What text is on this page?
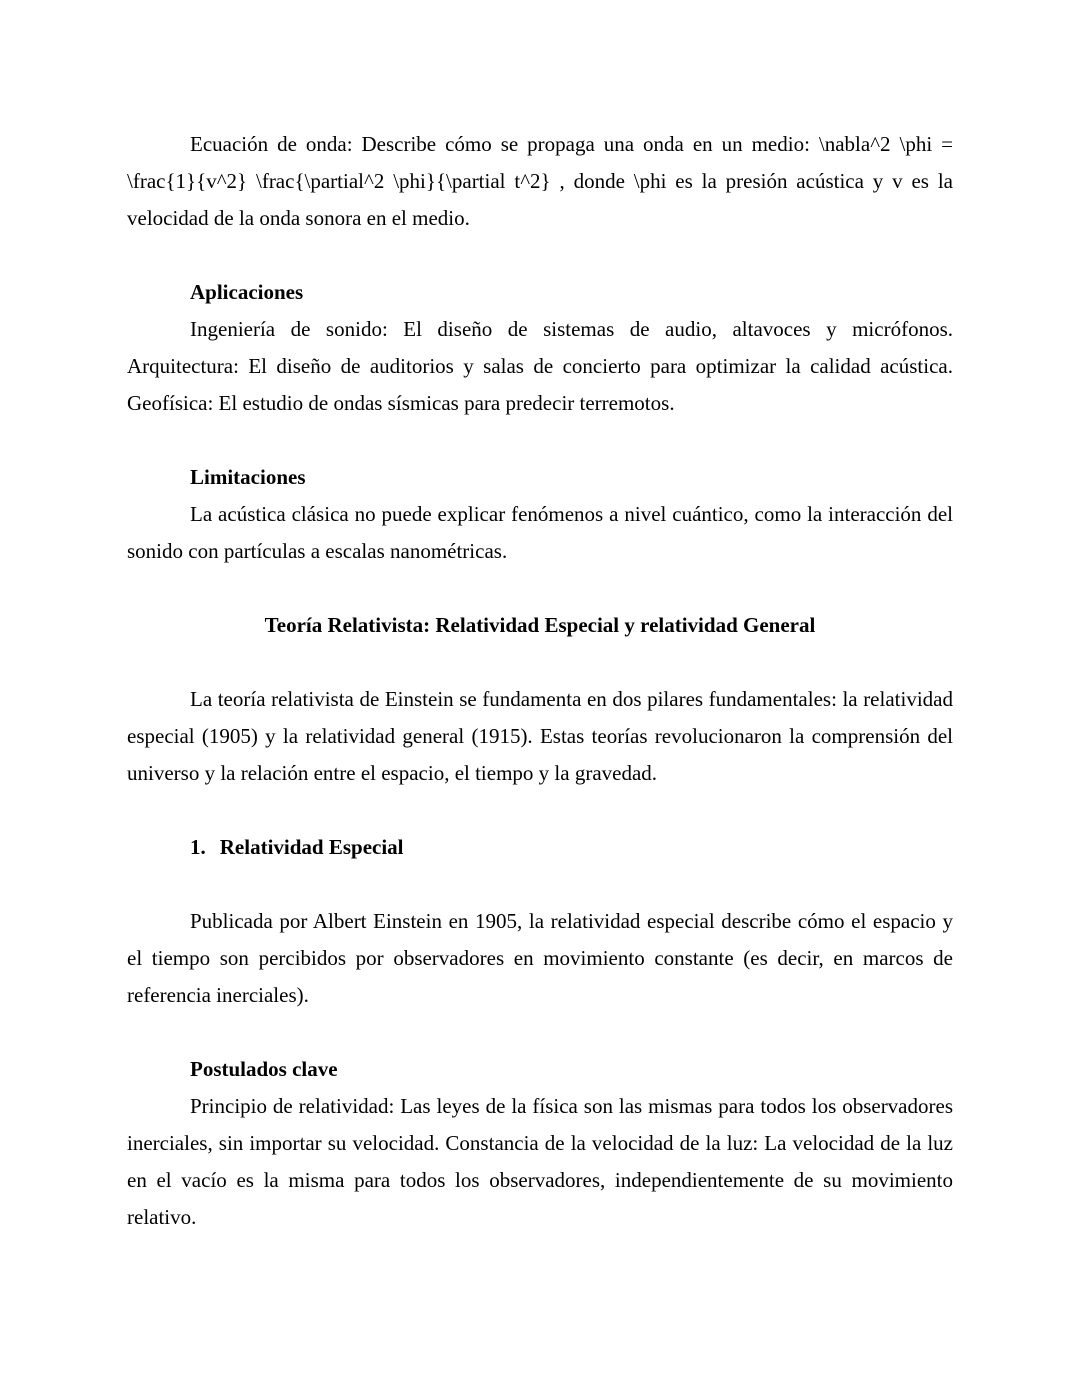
Ecuación de onda: Describe cómo se propaga una onda en un medio: \nabla^2 \phi = \frac{1}{v^2} \frac{\partial^2 \phi}{\partial t^2} , donde \phi es la presión acústica y v es la velocidad de la onda sonora en el medio.

Aplicaciones

Ingeniería de sonido: El diseño de sistemas de audio, altavoces y micrófonos. Arquitectura: El diseño de auditorios y salas de concierto para optimizar la calidad acústica. Geofísica: El estudio de ondas sísmicas para predecir terremotos.

Limitaciones

La acústica clásica no puede explicar fenómenos a nivel cuántico, como la interacción del sonido con partículas a escalas nanométricas.

Teoría Relativista: Relatividad Especial y relatividad General

La teoría relativista de Einstein se fundamenta en dos pilares fundamentales: la relatividad especial (1905) y la relatividad general (1915). Estas teorías revolucionaron la comprensión del universo y la relación entre el espacio, el tiempo y la gravedad.

1. Relatividad Especial

Publicada por Albert Einstein en 1905, la relatividad especial describe cómo el espacio y el tiempo son percibidos por observadores en movimiento constante (es decir, en marcos de referencia inerciales).

Postulados clave

Principio de relatividad: Las leyes de la física son las mismas para todos los observadores inerciales, sin importar su velocidad. Constancia de la velocidad de la luz: La velocidad de la luz en el vacío es la misma para todos los observadores, independientemente de su movimiento relativo.
